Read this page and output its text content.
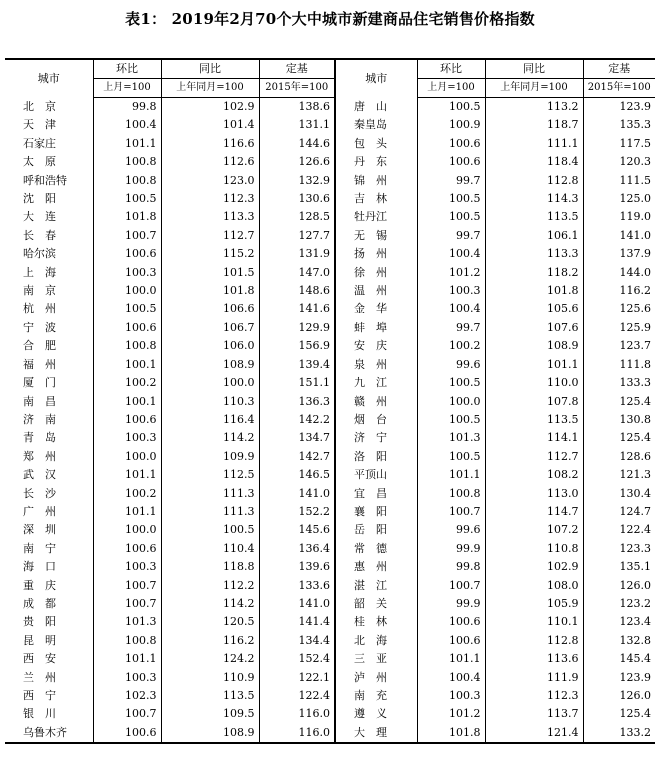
表1： 2019年2月70个大中城市新建商品住宅销售价格指数
城市	环比	同比	定基	城市	环比	同比	定基
	上月=100	上年同月=100	2015年=100		上月=100	上年同月=100	2015年=100
北　京	99.8	102.9	138.6	唐　山	100.5	113.2	123.9
天　津	100.4	101.4	131.1	秦皇岛	100.9	118.7	135.3
石家庄	101.1	116.6	144.6	包　头	100.6	111.1	117.5
太　原	100.8	112.6	126.6	丹　东	100.6	118.4	120.3
呼和浩特	100.8	123.0	132.9	锦　州	99.7	112.8	111.5
沈　阳	100.5	112.3	130.6	吉　林	100.5	114.3	125.0
大　连	101.8	113.3	128.5	牡丹江	100.5	113.5	119.0
长　春	100.7	112.7	127.7	无　锡	99.7	106.1	141.0
哈尔滨	100.6	115.2	131.9	扬　州	100.4	113.3	137.9
上　海	100.3	101.5	147.0	徐　州	101.2	118.2	144.0
南　京	100.0	101.8	148.6	温　州	100.3	101.8	116.2
杭　州	100.5	106.6	141.6	金　华	100.4	105.6	125.6
宁　波	100.6	106.7	129.9	蚌　埠	99.7	107.6	125.9
合　肥	100.8	106.0	156.9	安　庆	100.2	108.9	123.7
福　州	100.1	108.9	139.4	泉　州	99.6	101.1	111.8
厦　门	100.2	100.0	151.1	九　江	100.5	110.0	133.3
南　昌	100.1	110.3	136.3	赣　州	100.0	107.8	125.4
济　南	100.6	116.4	142.2	烟　台	100.5	113.5	130.8
青　岛	100.3	114.2	134.7	济　宁	101.3	114.1	125.4
郑　州	100.0	109.9	142.7	洛　阳	100.5	112.7	128.6
武　汉	101.1	112.5	146.5	平顶山	101.1	108.2	121.3
长　沙	100.2	111.3	141.0	宜　昌	100.8	113.0	130.4
广　州	101.1	111.3	152.2	襄　阳	100.7	114.7	124.7
深　圳	100.0	100.5	145.6	岳　阳	99.6	107.2	122.4
南　宁	100.6	110.4	136.4	常　德	99.9	110.8	123.3
海　口	100.3	118.8	139.6	惠　州	99.8	102.9	135.1
重　庆	100.7	112.2	133.6	湛　江	100.7	108.0	126.0
成　都	100.7	114.2	141.0	韶　关	99.9	105.9	123.2
贵　阳	101.3	120.5	141.4	桂　林	100.6	110.1	123.4
昆　明	100.8	116.2	134.4	北　海	100.6	112.8	132.8
西　安	101.1	124.2	152.4	三　亚	101.1	113.6	145.4
兰　州	100.3	110.9	122.1	泸　州	100.4	111.9	123.9
西　宁	102.3	113.5	122.4	南　充	100.3	112.3	126.0
银　川	100.7	109.5	116.0	遵　义	101.2	113.7	125.4
乌鲁木齐	100.6	108.9	116.0	大　理	101.8	121.4	133.2
